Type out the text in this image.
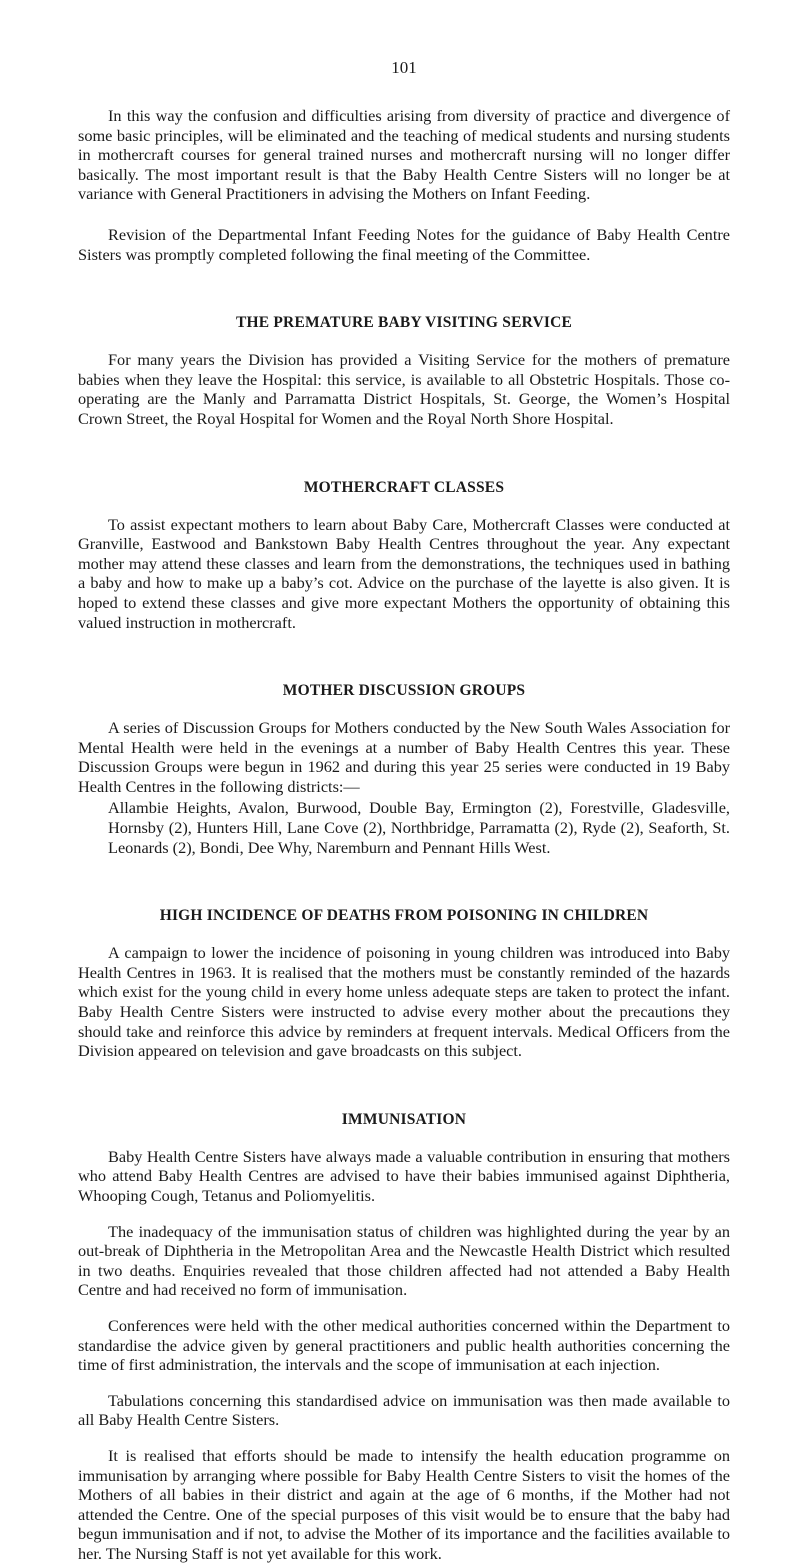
101

In this way the confusion and difficulties arising from diversity of practice and divergence of some basic principles, will be eliminated and the teaching of medical students and nursing students in mothercraft courses for general trained nurses and mothercraft nursing will no longer differ basically. The most important result is that the Baby Health Centre Sisters will no longer be at variance with General Practitioners in advising the Mothers on Infant Feeding.

Revision of the Departmental Infant Feeding Notes for the guidance of Baby Health Centre Sisters was promptly completed following the final meeting of the Committee.

THE PREMATURE BABY VISITING SERVICE

For many years the Division has provided a Visiting Service for the mothers of premature babies when they leave the Hospital: this service, is available to all Obstetric Hospitals. Those co-operating are the Manly and Parramatta District Hospitals, St. George, the Women’s Hospital Crown Street, the Royal Hospital for Women and the Royal North Shore Hospital.

MOTHERCRAFT CLASSES

To assist expectant mothers to learn about Baby Care, Mothercraft Classes were conducted at Granville, Eastwood and Bankstown Baby Health Centres throughout the year. Any expectant mother may attend these classes and learn from the demonstrations, the techniques used in bathing a baby and how to make up a baby’s cot. Advice on the purchase of the layette is also given. It is hoped to extend these classes and give more expectant Mothers the opportunity of obtaining this valued instruction in mothercraft.

MOTHER DISCUSSION GROUPS

A series of Discussion Groups for Mothers conducted by the New South Wales Association for Mental Health were held in the evenings at a number of Baby Health Centres this year. These Discussion Groups were begun in 1962 and during this year 25 series were conducted in 19 Baby Health Centres in the following districts:—

Allambie Heights, Avalon, Burwood, Double Bay, Ermington (2), Forestville, Gladesville, Hornsby (2), Hunters Hill, Lane Cove (2), Northbridge, Parramatta (2), Ryde (2), Seaforth, St. Leonards (2), Bondi, Dee Why, Naremburn and Pennant Hills West.
HIGH INCIDENCE OF DEATHS FROM POISONING IN CHILDREN

A campaign to lower the incidence of poisoning in young children was introduced into Baby Health Centres in 1963. It is realised that the mothers must be constantly reminded of the hazards which exist for the young child in every home unless adequate steps are taken to protect the infant. Baby Health Centre Sisters were instructed to advise every mother about the precautions they should take and reinforce this advice by reminders at frequent intervals. Medical Officers from the Division appeared on television and gave broadcasts on this subject.

IMMUNISATION

Baby Health Centre Sisters have always made a valuable contribution in ensuring that mothers who attend Baby Health Centres are advised to have their babies immunised against Diphtheria, Whooping Cough, Tetanus and Poliomyelitis.

The inadequacy of the immunisation status of children was highlighted during the year by an out-break of Diphtheria in the Metropolitan Area and the Newcastle Health District which resulted in two deaths. Enquiries revealed that those children affected had not attended a Baby Health Centre and had received no form of immunisation.

Conferences were held with the other medical authorities concerned within the Department to standardise the advice given by general practitioners and public health authorities concerning the time of first administration, the intervals and the scope of immunisation at each injection.

Tabulations concerning this standardised advice on immunisation was then made available to all Baby Health Centre Sisters.

It is realised that efforts should be made to intensify the health education programme on immunisation by arranging where possible for Baby Health Centre Sisters to visit the homes of the Mothers of all babies in their district and again at the age of 6 months, if the Mother had not attended the Centre. One of the special purposes of this visit would be to ensure that the baby had begun immunisation and if not, to advise the Mother of its importance and the facilities available to her. The Nursing Staff is not yet available for this work.
